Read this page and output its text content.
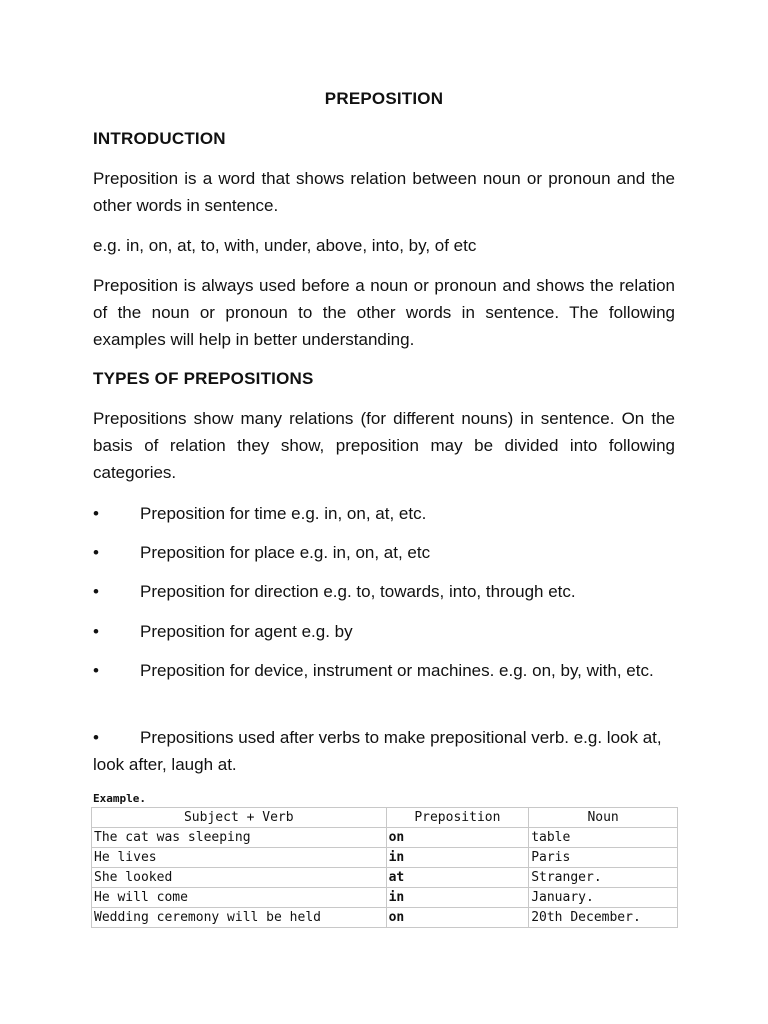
PREPOSITION
INTRODUCTION
Preposition is a word that shows relation between noun or pronoun and the other words in sentence.
e.g. in, on, at, to, with, under, above, into, by, of etc
Preposition is always used before a noun or pronoun and shows the relation of the noun or pronoun to the other words in sentence. The following examples will help in better understanding.
TYPES OF PREPOSITIONS
Prepositions show many relations (for different nouns) in sentence. On the basis of relation they show, preposition may be divided into following categories.
• Preposition for time e.g. in, on, at, etc.
• Preposition for place e.g. in, on, at, etc
• Preposition for direction e.g. to, towards, into, through etc.
• Preposition for agent e.g. by
• Preposition for device, instrument or machines. e.g. on, by, with, etc.
• Prepositions used after verbs to make prepositional verb. e.g. look at, look after, laugh at.
Example.
Subject + Verb	Preposition	Noun
The cat was sleeping	on	table
He lives	in	Paris
She looked	at	Stranger.
He will come	in	January.
Wedding ceremony will be held	on	20th December.
